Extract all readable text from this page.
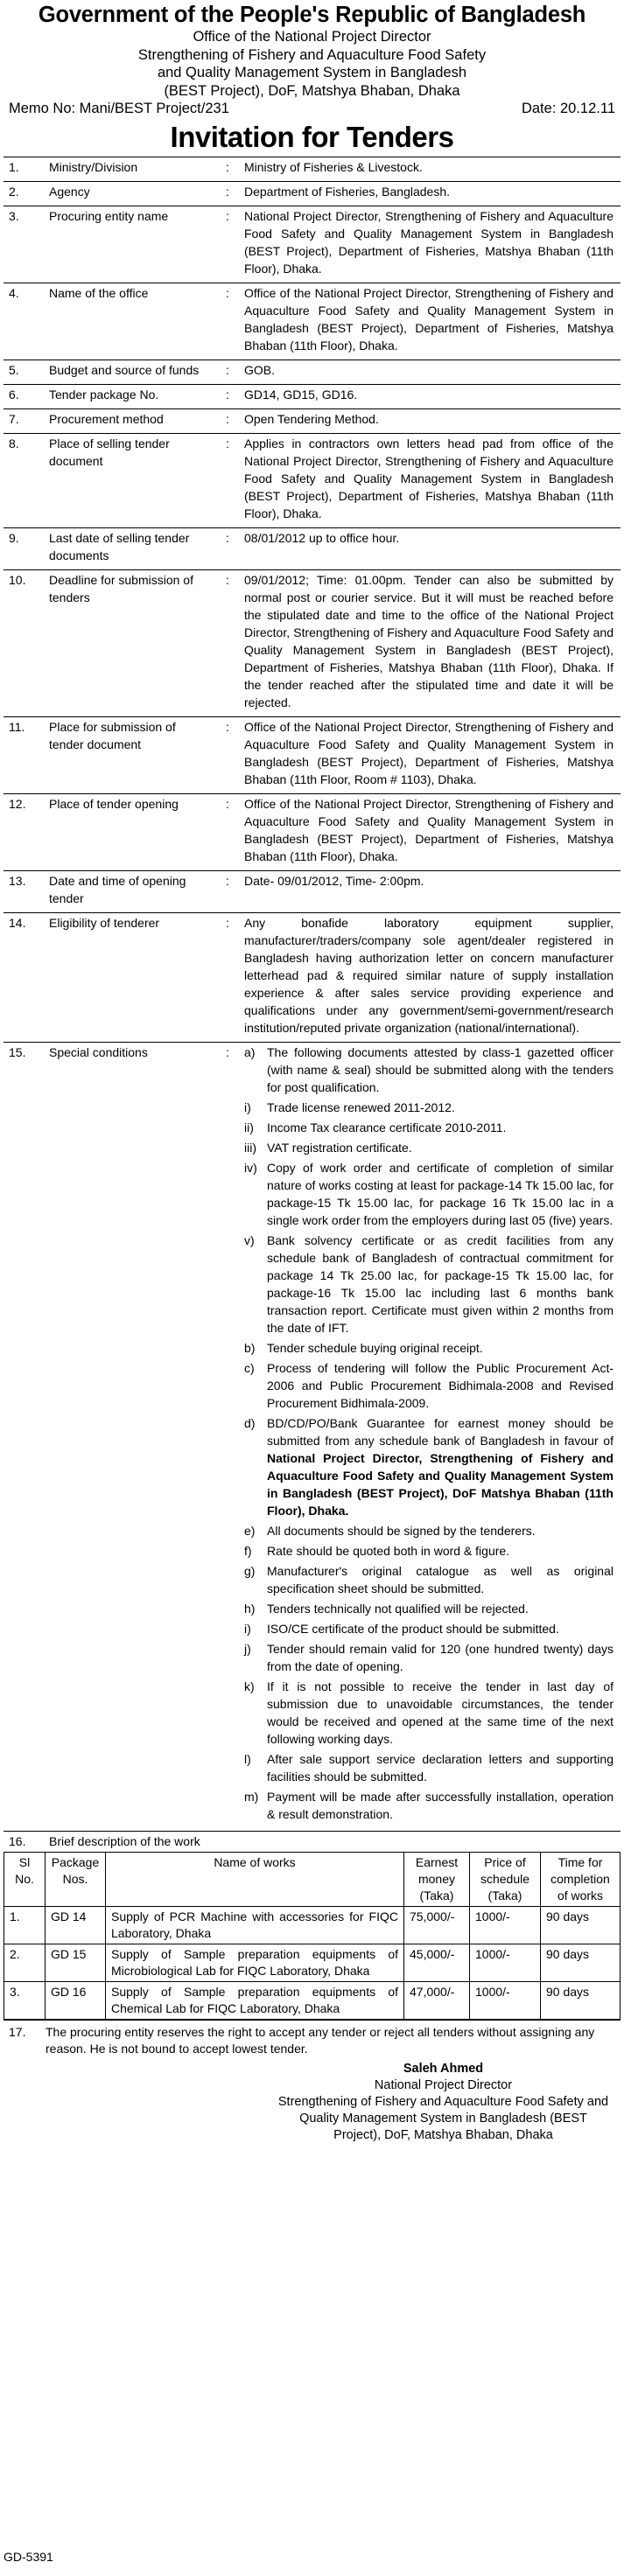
Government of the People's Republic of Bangladesh
Office of the National Project Director
Strengthening of Fishery and Aquaculture Food Safety
and Quality Management System in Bangladesh
(BEST Project), DoF, Matshya Bhaban, Dhaka
Memo No: Mani/BEST Project/231	Date: 20.12.11
Invitation for Tenders
1.	Ministry/Division	:	Ministry of Fisheries & Livestock.
2.	Agency	:	Department of Fisheries, Bangladesh.
3.	Procuring entity name	:	National Project Director, Strengthening of Fishery and Aquaculture Food Safety and Quality Management System in Bangladesh (BEST Project), Department of Fisheries, Matshya Bhaban (11th Floor), Dhaka.
4.	Name of the office	:	Office of the National Project Director, Strengthening of Fishery and Aquaculture Food Safety and Quality Management System in Bangladesh (BEST Project), Department of Fisheries, Matshya Bhaban (11th Floor), Dhaka.
5.	Budget and source of funds	:	GOB.
6.	Tender package No.	:	GD14, GD15, GD16.
7.	Procurement method	:	Open Tendering Method.
8.	Place of selling tender document	:	Applies in contractors own letters head pad from office of the National Project Director, Strengthening of Fishery and Aquaculture Food Safety and Quality Management System in Bangladesh (BEST Project), Department of Fisheries, Matshya Bhaban (11th Floor), Dhaka.
9.	Last date of selling tender documents	:	08/01/2012 up to office hour.
10.	Deadline for submission of tenders	:	09/01/2012; Time: 01.00pm. Tender can also be submitted by normal post or courier service. But it will must be reached before the stipulated date and time to the office of the National Project Director, Strengthening of Fishery and Aquaculture Food Safety and Quality Management System in Bangladesh (BEST Project), Department of Fisheries, Matshya Bhaban (11th Floor), Dhaka. If the tender reached after the stipulated time and date it will be rejected.
11.	Place for submission of tender document	:	Office of the National Project Director, Strengthening of Fishery and Aquaculture Food Safety and Quality Management System in Bangladesh (BEST Project), Department of Fisheries, Matshya Bhaban (11th Floor, Room # 1103), Dhaka.
12.	Place of tender opening	:	Office of the National Project Director, Strengthening of Fishery and Aquaculture Food Safety and Quality Management System in Bangladesh (BEST Project), Department of Fisheries, Matshya Bhaban (11th Floor), Dhaka.
13.	Date and time of opening tender	:	Date- 09/01/2012, Time- 2:00pm.
14.	Eligibility of tenderer	:	Any bonafide laboratory equipment supplier, manufacturer/traders/company sole agent/dealer registered in Bangladesh having authorization letter on concern manufacturer letterhead pad & required similar nature of supply installation experience & after sales service providing experience and qualifications under any government/semi-government/research institution/reputed private organization (national/international).
15.	Special conditions	:	a) The following documents attested by class-1 gazetted officer (with name & seal) should be submitted along with the tenders for post qualification.
i)	Trade license renewed 2011-2012.
ii)	Income Tax clearance certificate 2010-2011.
iii) VAT registration certificate.
iv) Copy of work order and certificate of completion of similar nature of works costing at least for package-14 Tk 15.00 lac, for package-15 Tk 15.00 lac, for package 16 Tk 15.00 lac in a single work order from the employers during last 05 (five) years.
v)	Bank solvency certificate or as credit facilities from any schedule bank of Bangladesh of contractual commitment for package 14 Tk 25.00 lac, for package-15 Tk 15.00 lac, for package-16 Tk 15.00 lac including last 6 months bank transaction report. Certificate must given within 2 months from the date of IFT.
b) Tender schedule buying original receipt.
c)	Process of tendering will follow the Public Procurement Act-2006 and Public Procurement Bidhimala-2008 and Revised Procurement Bidhimala-2009.
d) BD/CD/PO/Bank Guarantee for earnest money should be submitted from any schedule bank of Bangladesh in favour of National Project Director, Strengthening of Fishery and Aquaculture Food Safety and Quality Management System in Bangladesh (BEST Project), DoF Matshya Bhaban (11th Floor), Dhaka.
e) All documents should be signed by the tenderers.
f)	Rate should be quoted both in word & figure.
g) Manufacturer's original catalogue as well as original specification sheet should be submitted.
h) Tenders technically not qualified will be rejected.
i)	ISO/CE certificate of the product should be submitted.
j)	Tender should remain valid for 120 (one hundred twenty) days from the date of opening.
k)	If it is not possible to receive the tender in last day of submission due to unavoidable circumstances, the tender would be received and opened at the same time of the next following working days.
l)	After sale support service declaration letters and supporting facilities should be submitted.
m) Payment will be made after successfully installation, operation & result demonstration.

16.	Brief description of the work

Sl No.	Package Nos.	Name of works	Earnest money (Taka)	Price of schedule (Taka)	Time for completion of works
1.	GD 14	Supply of PCR Machine with accessories for FIQC Laboratory, Dhaka	75,000/-	1000/-	90 days
2.	GD 15	Supply of Sample preparation equipments of Microbiological Lab for FIQC Laboratory, Dhaka	45,000/-	1000/-	90 days
3.	GD 16	Supply of Sample preparation equipments of Chemical Lab for FIQC Laboratory, Dhaka	47,000/-	1000/-	90 days
17.	The procuring entity reserves the right to accept any tender or reject all tenders without assigning any reason. He is not bound to accept lowest tender.
Saleh Ahmed
National Project Director
Strengthening of Fishery and Aquaculture Food Safety and
Quality Management System in Bangladesh (BEST
Project), DoF, Matshya Bhaban, Dhaka
GD-5391
